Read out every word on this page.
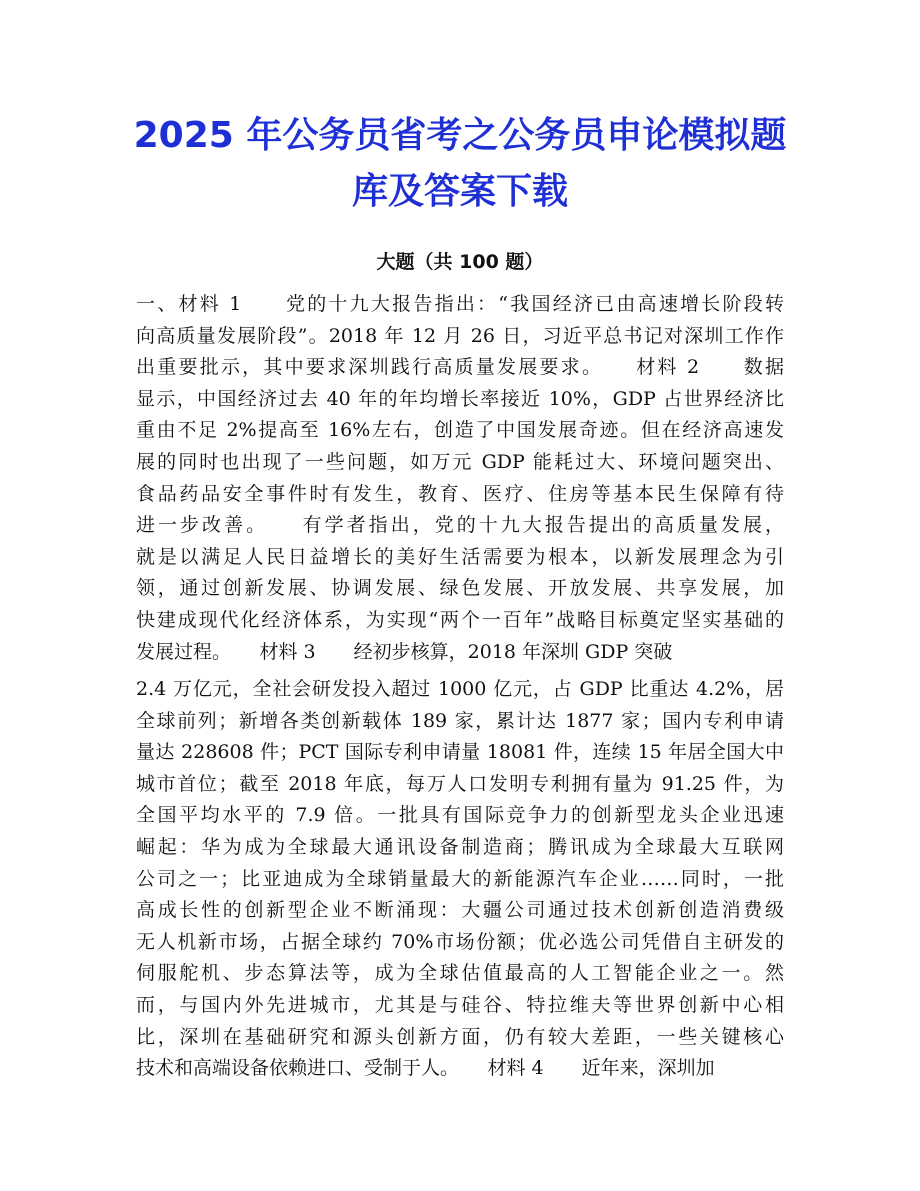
2025 年公务员省考之公务员申论模拟题
库及答案下载
大题（共 100 题）
一、材料 1　　党的十九大报告指出：“我国经济已由高速增长阶段转
向高质量发展阶段”。2018 年 12 月 26 日，习近平总书记对深圳工作作
出重要批示，其中要求深圳践行高质量发展要求。　　材料 2　　数据
显示，中国经济过去 40 年的年均增长率接近 10%，GDP 占世界经济比
重由不足 2%提高至 16%左右，创造了中国发展奇迹。但在经济高速发
展的同时也出现了一些问题，如万元 GDP 能耗过大、环境问题突出、
食品药品安全事件时有发生，教育、医疗、住房等基本民生保障有待
进一步改善。　　有学者指出，党的十九大报告提出的高质量发展，
就是以满足人民日益增长的美好生活需要为根本，以新发展理念为引
领，通过创新发展、协调发展、绿色发展、开放发展、共享发展，加
快建成现代化经济体系，为实现“两个一百年”战略目标奠定坚实基础的
发展过程。　　材料 3　　经初步核算，2018 年深圳 GDP 突破
2.4 万亿元，全社会研发投入超过 1000 亿元，占 GDP 比重达 4.2%，居
全球前列；新增各类创新载体 189 家，累计达 1877 家；国内专利申请
量达 228608 件；PCT 国际专利申请量 18081 件，连续 15 年居全国大中
城市首位；截至 2018 年底，每万人口发明专利拥有量为 91.25 件，为
全国平均水平的 7.9 倍。一批具有国际竞争力的创新型龙头企业迅速
崛起：华为成为全球最大通讯设备制造商；腾讯成为全球最大互联网
公司之一；比亚迪成为全球销量最大的新能源汽车企业……同时，一批
高成长性的创新型企业不断涌现：大疆公司通过技术创新创造消费级
无人机新市场，占据全球约 70%市场份额；优必选公司凭借自主研发的
伺服舵机、步态算法等，成为全球估值最高的人工智能企业之一。然
而，与国内外先进城市，尤其是与硅谷、特拉维夫等世界创新中心相
比，深圳在基础研究和源头创新方面，仍有较大差距，一些关键核心
技术和高端设备依赖进口、受制于人。　　材料 4　　近年来，深圳加
